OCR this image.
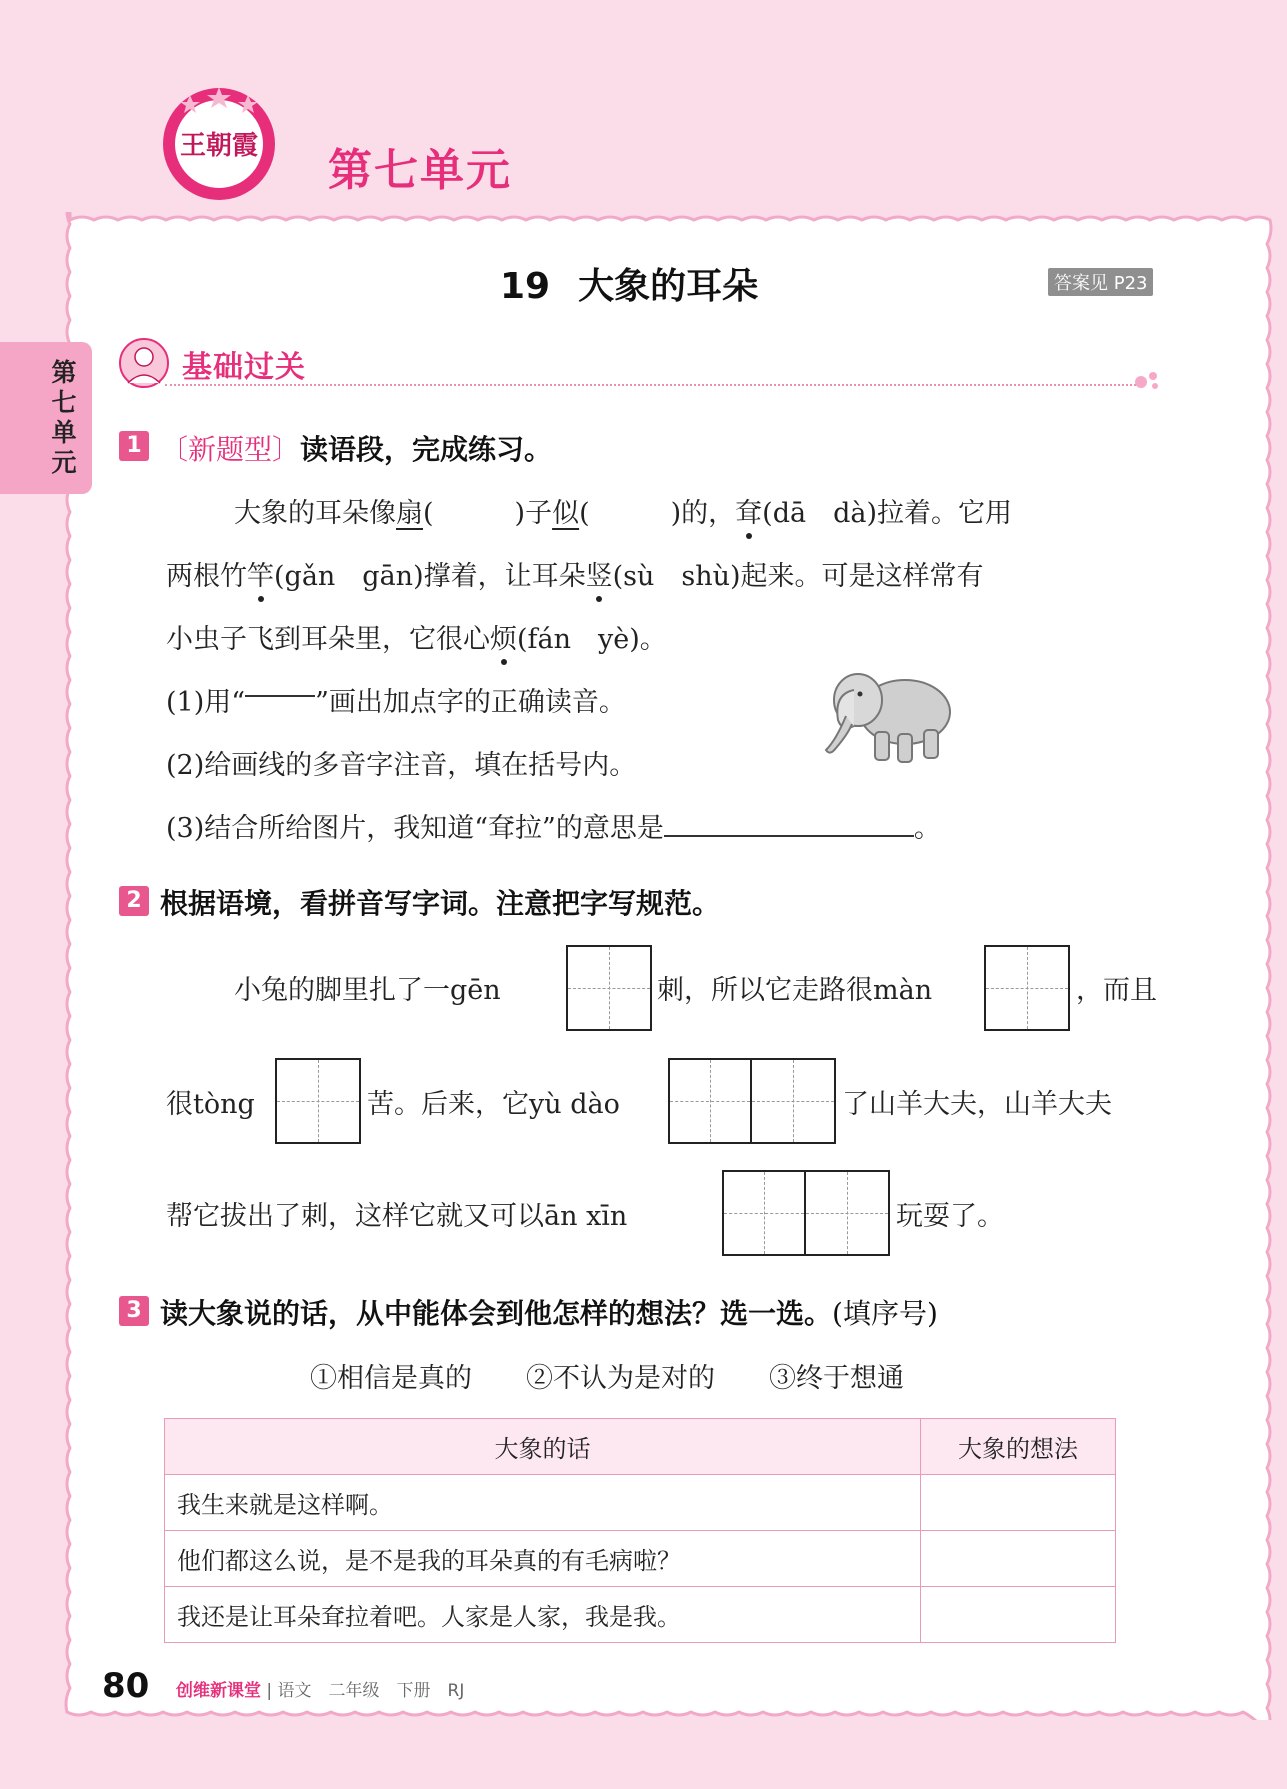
王朝霞 第七单元
第七单元
19 大象的耳朵	答案见 P23
基础过关
1 〔新题型〕读语段，完成练习。
大象的耳朵像扇(　　　)子似(　　　)的，耷(dā　dà)拉着。它用
两根竹竿(gǎn　gān)撑着，让耳朵竖(sù　shù)起来。可是这样常有
小虫子飞到耳朵里，它很心烦(fán　yè)。
(1)用“	”画出加点字的正确读音。
(2)给画线的多音字注音，填在括号内。
(3)结合所给图片，我知道“耷拉”的意思是	。
2 根据语境，看拼音写字词。注意把字写规范。
小兔的脚里扎了一gēn	刺，所以它走路很màn	，而且
很tòng	苦。后来，它yù dào	了山羊大夫，山羊大夫
帮它拔出了刺，这样它就又可以ān xīn	玩耍了。
3 读大象说的话，从中能体会到他怎样的想法？选一选。(填序号)
①相信是真的　　②不认为是对的　　③终于想通
大象的话	大象的想法
我生来就是这样啊。	
他们都这么说，是不是我的耳朵真的有毛病啦？	
我还是让耳朵耷拉着吧。人家是人家，我是我。	
80 创维新课堂 | 语文　二年级　下册　RJ
